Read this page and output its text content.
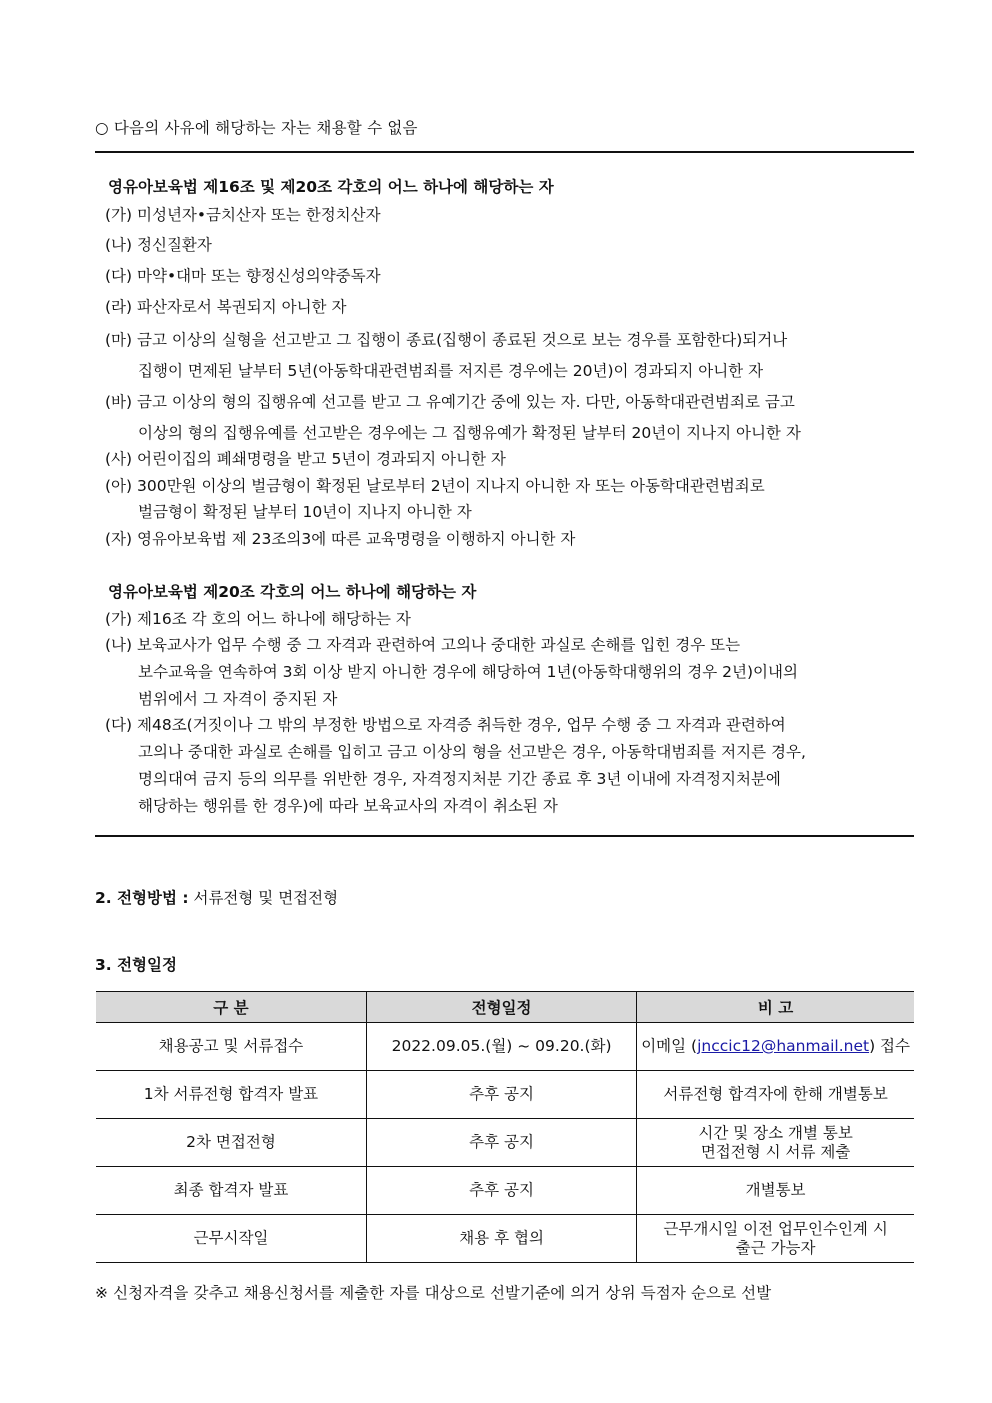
○ 다음의 사유에 해당하는 자는 채용할 수 없음
영유아보육법 제16조 및 제20조 각호의 어느 하나에 해당하는 자
(가) 미성년자•금치산자 또는 한정치산자
(나) 정신질환자
(다) 마약•대마 또는 향정신성의약중독자
(라) 파산자로서 복권되지 아니한 자
(마) 금고 이상의 실형을 선고받고 그 집행이 종료(집행이 종료된 것으로 보는 경우를 포함한다)되거나
집행이 면제된 날부터 5년(아동학대관련범죄를 저지른 경우에는 20년)이 경과되지 아니한 자
(바) 금고 이상의 형의 집행유예 선고를 받고 그 유예기간 중에 있는 자. 다만, 아동학대관련범죄로 금고
이상의 형의 집행유예를 선고받은 경우에는 그 집행유예가 확정된 날부터 20년이 지나지 아니한 자
(사) 어린이집의 폐쇄명령을 받고 5년이 경과되지 아니한 자
(아) 300만원 이상의 벌금형이 확정된 날로부터 2년이 지나지 아니한 자 또는 아동학대관련범죄로
벌금형이 확정된 날부터 10년이 지나지 아니한 자
(자) 영유아보육법 제 23조의3에 따른 교육명령을 이행하지 아니한 자
영유아보육법 제20조 각호의 어느 하나에 해당하는 자
(가) 제16조 각 호의 어느 하나에 해당하는 자
(나) 보육교사가 업무 수행 중 그 자격과 관련하여 고의나 중대한 과실로 손해를 입힌 경우 또는
보수교육을 연속하여 3회 이상 받지 아니한 경우에 해당하여 1년(아동학대행위의 경우 2년)이내의
범위에서 그 자격이 중지된 자
(다) 제48조(거짓이나 그 밖의 부정한 방법으로 자격증 취득한 경우, 업무 수행 중 그 자격과 관련하여
고의나 중대한 과실로 손해를 입히고 금고 이상의 형을 선고받은 경우, 아동학대범죄를 저지른 경우,
명의대여 금지 등의 의무를 위반한 경우, 자격정지처분 기간 종료 후 3년 이내에 자격정지처분에
해당하는 행위를 한 경우)에 따라 보육교사의 자격이 취소된 자
2. 전형방법 : 서류전형 및 면접전형
3. 전형일정
구 분	전형일정	비 고
채용공고 및 서류접수	2022.09.05.(월) ~ 09.20.(화)	이메일 (jnccic12@hanmail.net) 접수
1차 서류전형 합격자 발표	추후 공지	서류전형 합격자에 한해 개별통보
2차 면접전형	추후 공지	시간 및 장소 개별 통보
면접전형 시 서류 제출

최종 합격자 발표	추후 공지	개별통보
근무시작일	채용 후 협의	근무개시일 이전 업무인수인계 시
출근 가능자
※ 신청자격을 갖추고 채용신청서를 제출한 자를 대상으로 선발기준에 의거 상위 득점자 순으로 선발
